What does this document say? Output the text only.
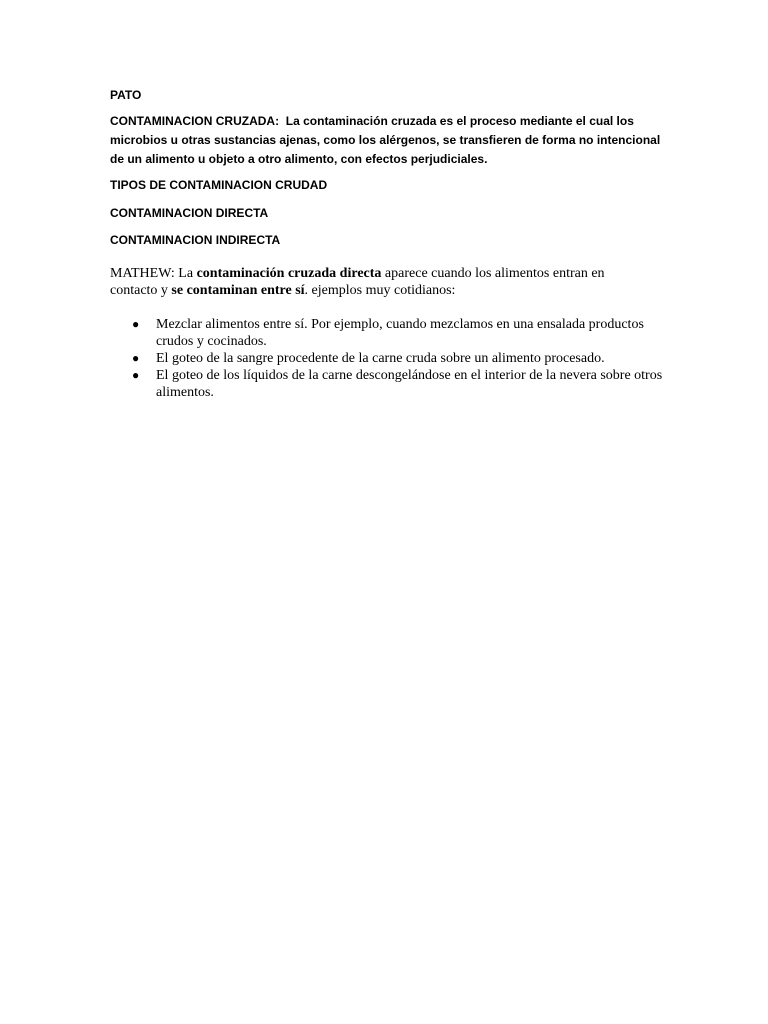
PATO

CONTAMINACION CRUZADA: La contaminación cruzada es el proceso mediante el cual los microbios u otras sustancias ajenas, como los alérgenos, se transfieren de forma no intencional de un alimento u objeto a otro alimento, con efectos perjudiciales.

TIPOS DE CONTAMINACION CRUDAD

CONTAMINACION DIRECTA

CONTAMINACION INDIRECTA

MATHEW: La contaminación cruzada directa aparece cuando los alimentos entran en contacto y se contaminan entre sí. ejemplos muy cotidianos:

● Mezclar alimentos entre sí. Por ejemplo, cuando mezclamos en una ensalada productos crudos y cocinados.
● El goteo de la sangre procedente de la carne cruda sobre un alimento procesado.
● El goteo de los líquidos de la carne descongelándose en el interior de la nevera sobre otros alimentos.
